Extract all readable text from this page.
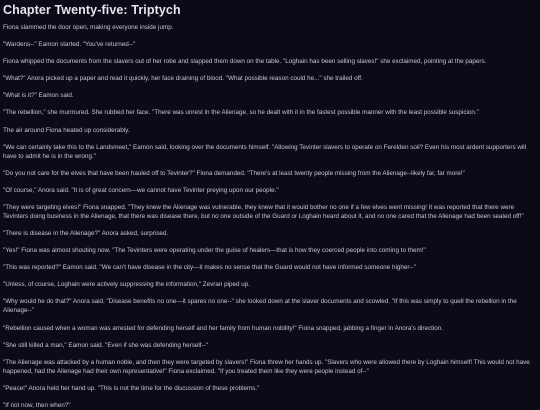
Chapter Twenty-five: Triptych

Fiona slammed the door open, making everyone inside jump.

"Wardens--" Eamon started. "You've returned--"

Fiona whipped the documents from the slavers out of her robe and slapped them down on the table. "Loghain has been selling slaves!" she exclaimed, pointing at the papers.

"What?" Anora picked up a paper and read it quickly, her face draining of blood. "What possible reason could he..." she trailed off.

"What is it?" Eamon said.

"The rebellion," she murmured. She rubbed her face. "There was unrest in the Alienage, so he dealt with it in the fastest possible manner with the least possible suspicion."

The air around Fiona heated up considerably.

"We can certainly take this to the Landsmeet," Eamon said, looking over the documents himself. "Allowing Tevinter slavers to operate on Ferelden soil? Even his most ardent supporters will have to admit he is in the wrong."

"Do you not care for the elves that have been hauled off to Tevinter?" Fiona demanded. "There's at least twenty people missing from the Alienage--likely far, far more!"

"Of course," Anora said. "It is of great concern—we cannot have Tevinter preying upon our people."

"They were targeting elves!" Fiona snapped. "They knew the Alienage was vulnerable, they knew that it would bother no one if a few elves went missing! It was reported that there were Tevinters doing business in the Alienage, that there was disease there, but no one outside of the Guard or Loghain heard about it, and no one cared that the Alienage had been sealed off!"

"There is disease in the Alienage?" Anora asked, surprised.

"Yes!" Fiona was almost shouting now. "The Tevinters were operating under the guise of healers—that is how they coerced people into coming to them!"

"This was reported?" Eamon said. "We can't have disease in the city—it makes no sense that the Guard would not have informed someone higher--"

"Unless, of course, Loghain were actively suppressing the information," Zevran piped up.

"Why would he do that?" Anora said. "Disease benefits no one—it spares no one--" she looked down at the slaver documents and scowled. "If this was simply to quell the rebellion in the Alienage--"

"Rebellion caused when a woman was arrested for defending herself and her family from human nobility!" Fiona snapped, jabbing a finger in Anora's direction.

"She still killed a man," Eamon said. "Even if she was defending herself--"

"The Alienage was attacked by a human noble, and then they were targeted by slavers!" Fiona threw her hands up. "Slavers who were allowed there by Loghain himself! This would not have happened, had the Alienage had their own representative!" Fiona exclaimed. "If you treated them like they were people instead of--"

"Peace!" Anora held her hand up. "This is not the time for the discussion of these problems."

"If not now, then when?"
